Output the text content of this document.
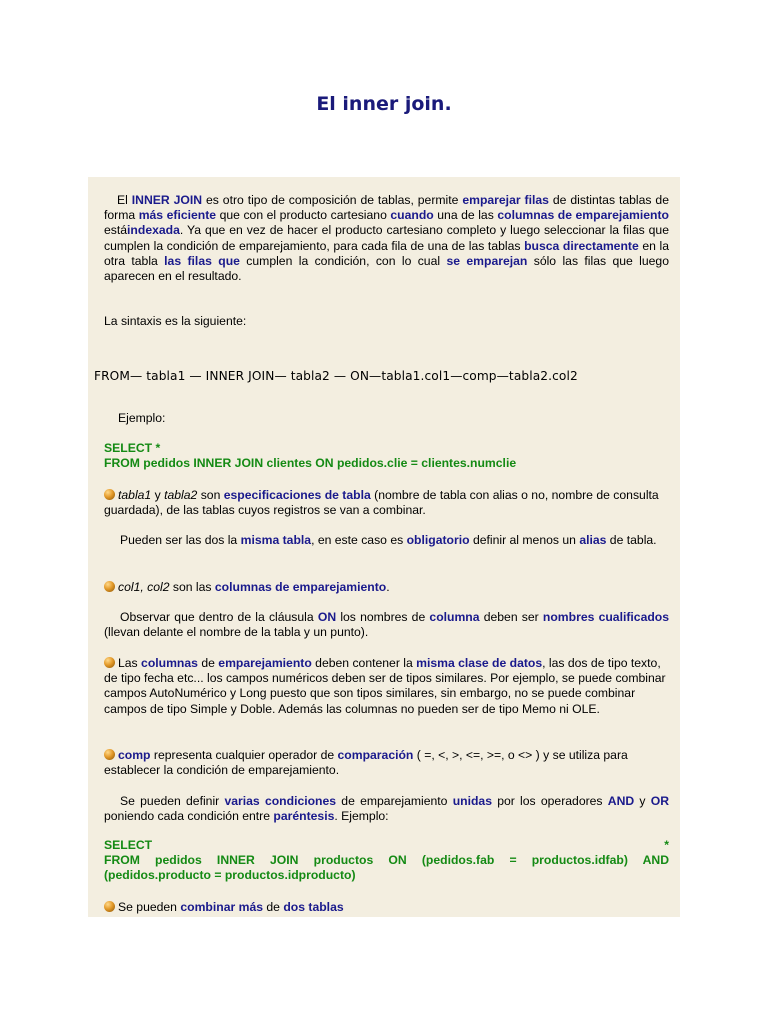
El inner join.
El INNER JOIN es otro tipo de composición de tablas, permite emparejar filas de distintas tablas de forma más eficiente que con el producto cartesiano cuando una de las columnas de emparejamiento estáindexada. Ya que en vez de hacer el producto cartesiano completo y luego seleccionar la filas que cumplen la condición de emparejamiento, para cada fila de una de las tablas busca directamente en la otra tabla las filas que cumplen la condición, con lo cual se emparejan sólo las filas que luego aparecen en el resultado.
La sintaxis es la siguiente:
FROM— tabla1 — INNER JOIN— tabla2 — ON—tabla1.col1—comp—tabla2.col2
Ejemplo:
SELECT *
FROM pedidos INNER JOIN clientes ON pedidos.clie = clientes.numclie
tabla1 y tabla2 son especificaciones de tabla (nombre de tabla con alias o no, nombre de consulta guardada), de las tablas cuyos registros se van a combinar.
Pueden ser las dos la misma tabla, en este caso es obligatorio definir al menos un alias de tabla.
col1, col2 son las columnas de emparejamiento.
Observar que dentro de la cláusula ON los nombres de columna deben ser nombres cualificados (llevan delante el nombre de la tabla y un punto).
Las columnas de emparejamiento deben contener la misma clase de datos, las dos de tipo texto, de tipo fecha etc... los campos numéricos deben ser de tipos similares. Por ejemplo, se puede combinar campos AutoNumérico y Long puesto que son tipos similares, sin embargo, no se puede combinar campos de tipo Simple y Doble. Además las columnas no pueden ser de tipo Memo ni OLE.
comp representa cualquier operador de comparación ( =, <, >, <=, >=, o <> ) y se utiliza para establecer la condición de emparejamiento.
Se pueden definir varias condiciones de emparejamiento unidas por los operadores AND y OR poniendo cada condición entre paréntesis. Ejemplo:
SELECT	*
FROM pedidos INNER JOIN productos ON (pedidos.fab = productos.idfab) AND (pedidos.producto = productos.idproducto)
Se pueden combinar más de dos tablas
